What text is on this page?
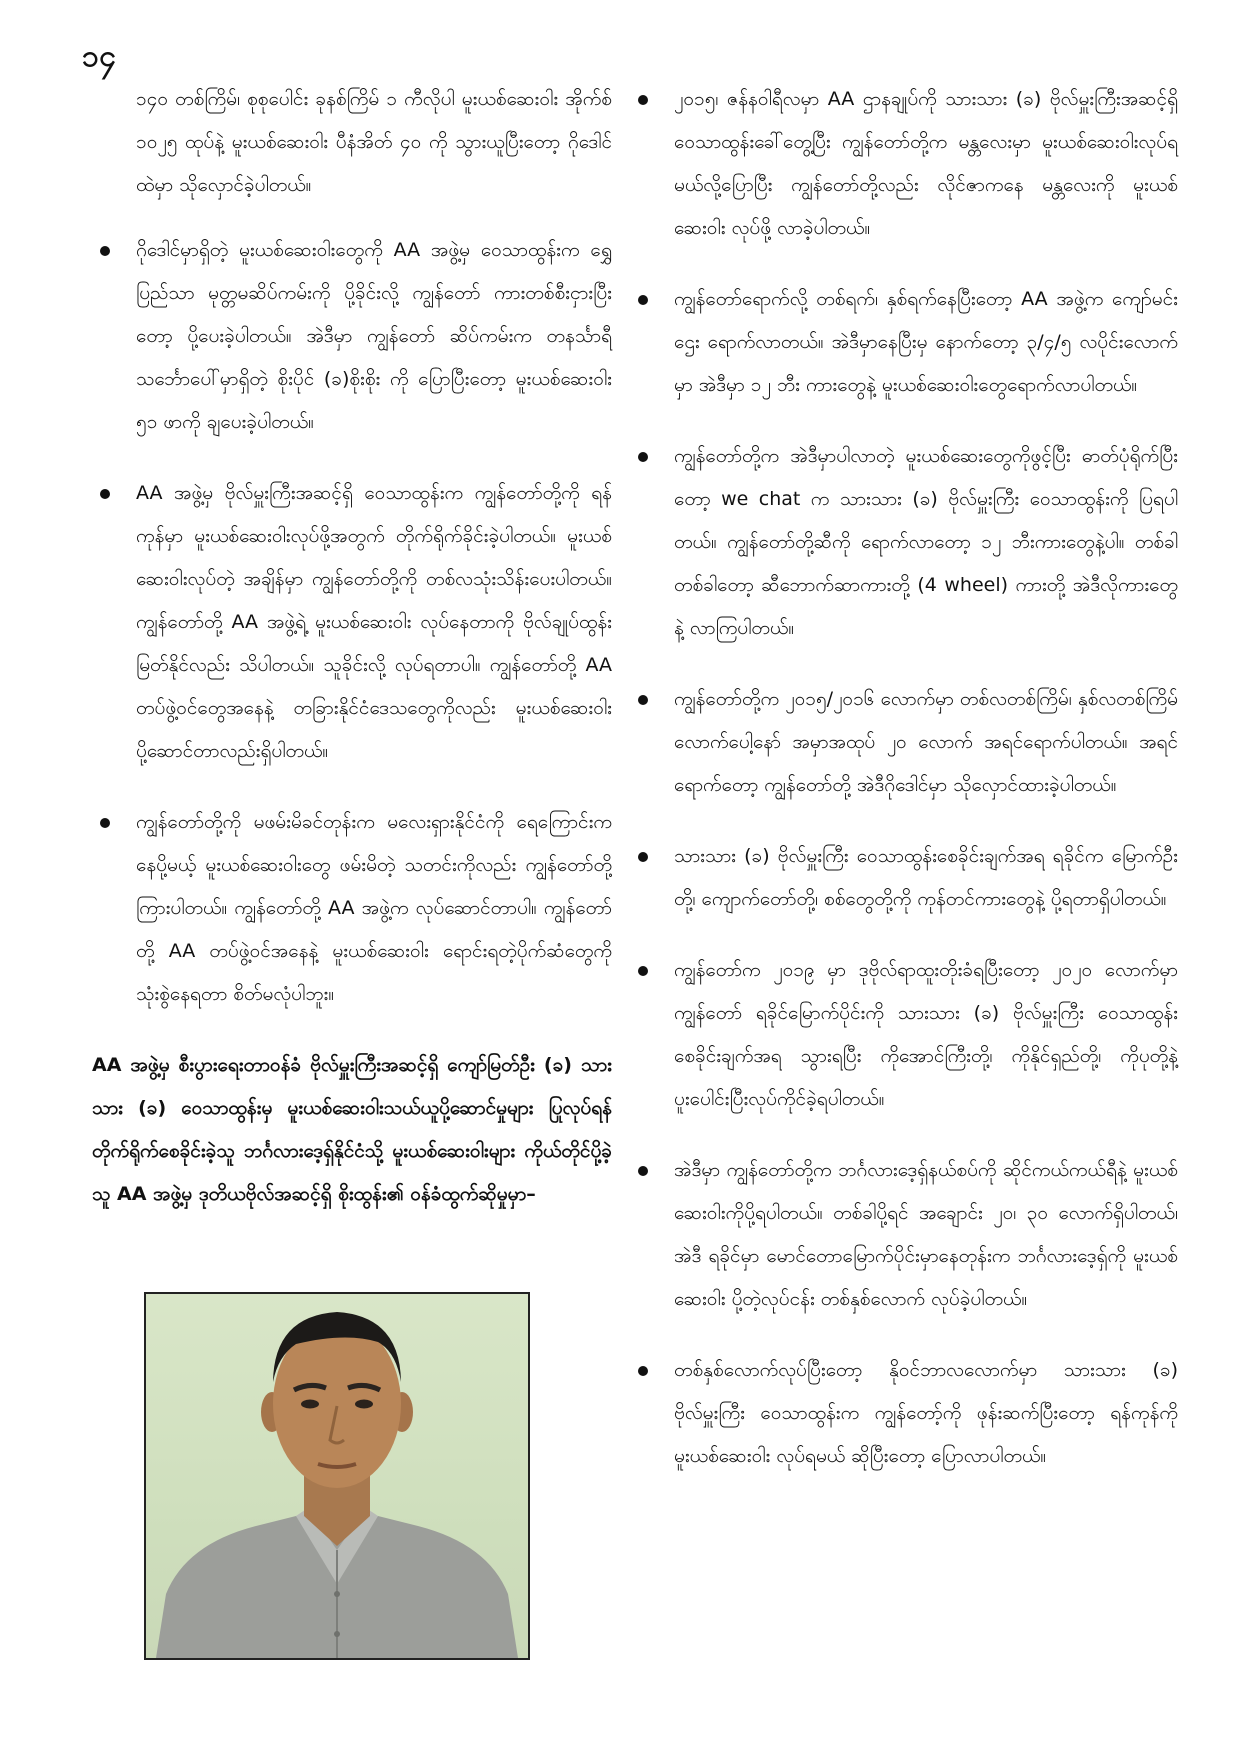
၁၄

၁၄၀ တစ်ကြိမ်၊ စုစုပေါင်း ခုနစ်ကြိမ် ၁ ကီလိုပါ မူးယစ်ဆေးဝါး အိုက်စ် ၁၀၂၅ ထုပ်နဲ့ မူးယစ်ဆေးဝါး ပီနံအိတ် ၄၀ ကို သွားယူပြီးတော့ ဂိုဒေါင်ထဲမှာ သိုလှောင်ခဲ့ပါတယ်။

ဂိုဒေါင်မှာရှိတဲ့ မူးယစ်ဆေးဝါးတွေကို AA အဖွဲ့မှ ဝေသာထွန်းက ရွှေပြည်သာ မုတ္တမဆိပ်ကမ်းကို ပို့ခိုင်းလို့ ကျွန်တော် ကားတစ်စီးငှားပြီးတော့ ပို့ပေးခဲ့ပါတယ်။ အဲဒီမှာ ကျွန်တော် ဆိပ်ကမ်းက တနင်္သာရီသင်္ဘောပေါ်မှာရှိတဲ့ စိုးပိုင် (ခ)စိုးစိုး ကို ပြောပြီးတော့ မူးယစ်ဆေးဝါး ၅၁ ဖာကို ချပေးခဲ့ပါတယ်။

AA အဖွဲ့မှ ဗိုလ်မှူးကြီးအဆင့်ရှိ ဝေသာထွန်းက ကျွန်တော်တို့ကို ရန်ကုန်မှာ မူးယစ်ဆေးဝါးလုပ်ဖို့အတွက် တိုက်ရိုက်ခိုင်းခဲ့ပါတယ်။ မူးယစ်ဆေးဝါးလုပ်တဲ့ အချိန်မှာ ကျွန်တော်တို့ကို တစ်လသုံးသိန်းပေးပါတယ်။ ကျွန်တော်တို့ AA အဖွဲ့ရဲ့ မူးယစ်ဆေးဝါး လုပ်နေတာကို ဗိုလ်ချုပ်ထွန်းမြတ်နိုင်လည်း သိပါတယ်။ သူခိုင်းလို့ လုပ်ရတာပါ။ ကျွန်တော်တို့ AA တပ်ဖွဲ့ဝင်တွေအနေနဲ့ တခြားနိုင်ငံဒေသတွေကိုလည်း မူးယစ်ဆေးဝါးပို့ဆောင်တာလည်းရှိပါတယ်။

ကျွန်တော်တို့ကို မဖမ်းမိခင်တုန်းက မလေးရှားနိုင်ငံကို ရေကြောင်းကနေပို့မယ့် မူးယစ်ဆေးဝါးတွေ ဖမ်းမိတဲ့ သတင်းကိုလည်း ကျွန်တော်တို့ ကြားပါတယ်။ ကျွန်တော်တို့ AA အဖွဲ့က လုပ်ဆောင်တာပါ။ ကျွန်တော်တို့ AA တပ်ဖွဲ့ဝင်အနေနဲ့ မူးယစ်ဆေးဝါး ရောင်းရတဲ့ပိုက်ဆံတွေကို သုံးစွဲနေရတာ စိတ်မလုံပါဘူး။

AA အဖွဲ့မှ စီးပွားရေးတာဝန်ခံ ဗိုလ်မှူးကြီးအဆင့်ရှိ ကျော်မြတ်ဦး (ခ) သားသား (ခ) ဝေသာထွန်းမှ မူးယစ်ဆေးဝါးသယ်ယူပို့ဆောင်မှုများ ပြုလုပ်ရန် တိုက်ရိုက်စေခိုင်းခဲ့သူ ဘင်္ဂလားဒေ့ရှ်နိုင်ငံသို့ မူးယစ်ဆေးဝါးများ ကိုယ်တိုင်ပို့ခဲ့သူ AA အဖွဲ့မှ ဒုတိယဗိုလ်အဆင့်ရှိ စိုးထွန်း၏ ဝန်ခံထွက်ဆိုမှုမှာ–

၂၀၁၅၊ ဇန်နဝါရီလမှာ AA ဌာနချုပ်ကို သားသား (ခ) ဗိုလ်မှူးကြီးအဆင့်ရှိ ဝေသာထွန်းခေါ်တွေ့ပြီး ကျွန်တော်တို့က မန္တလေးမှာ မူးယစ်ဆေးဝါးလုပ်ရမယ်လို့ပြောပြီး ကျွန်တော်တို့လည်း လိုင်ဇာကနေ မန္တလေးကို မူးယစ်ဆေးဝါး လုပ်ဖို့ လာခဲ့ပါတယ်။

ကျွန်တော်ရောက်လို့ တစ်ရက်၊ နှစ်ရက်နေပြီးတော့ AA အဖွဲ့က ကျော်မင်းဌေး ရောက်လာတယ်။ အဲဒီမှာနေပြီးမှ နောက်တော့ ၃/၄/၅ လပိုင်းလောက်မှာ အဲဒီမှာ ၁၂ ဘီး ကားတွေနဲ့ မူးယစ်ဆေးဝါးတွေရောက်လာပါတယ်။

ကျွန်တော်တို့က အဲဒီမှာပါလာတဲ့ မူးယစ်ဆေးတွေကိုဖွင့်ပြီး ဓာတ်ပုံရိုက်ပြီးတော့ we chat က သားသား (ခ) ဗိုလ်မှူးကြီး ဝေသာထွန်းကို ပြရပါတယ်။ ကျွန်တော်တို့ဆီကို ရောက်လာတော့ ၁၂ ဘီးကားတွေနဲ့ပါ။ တစ်ခါတစ်ခါတော့ ဆီဘောက်ဆာကားတို့ (4 wheel) ကားတို့ အဲဒီလိုကားတွေနဲ့ လာကြပါတယ်။

ကျွန်တော်တို့က ၂၀၁၅/၂၀၁၆ လောက်မှာ တစ်လတစ်ကြိမ်၊ နှစ်လတစ်ကြိမ် လောက်ပေါ့နော် အမှာအထုပ် ၂၀ လောက် အရင်ရောက်ပါတယ်။ အရင်ရောက်တော့ ကျွန်တော်တို့ အဲဒီဂိုဒေါင်မှာ သိုလှောင်ထားခဲ့ပါတယ်။

သားသား (ခ) ဗိုလ်မှူးကြီး ဝေသာထွန်းစေခိုင်းချက်အရ ရခိုင်က မြောက်ဦးတို့၊ ကျောက်တော်တို့၊ စစ်တွေတို့ကို ကုန်တင်ကားတွေနဲ့ ပို့ရတာရှိပါတယ်။

ကျွန်တော်က ၂၀၁၉ မှာ ဒုဗိုလ်ရာထူးတိုးခံရပြီးတော့ ၂၀၂၀ လောက်မှာ ကျွန်တော် ရခိုင်မြောက်ပိုင်းကို သားသား (ခ) ဗိုလ်မှူးကြီး ဝေသာထွန်းစေခိုင်းချက်အရ သွားရပြီး ကိုအောင်ကြီးတို့၊ ကိုနိုင်ရှည်တို့၊ ကိုပုတို့နဲ့ ပူးပေါင်းပြီးလုပ်ကိုင်ခဲ့ရပါတယ်။

အဲဒီမှာ ကျွန်တော်တို့က ဘင်္ဂလားဒေ့ရှ်နယ်စပ်ကို ဆိုင်ကယ်ကယ်ရီနဲ့ မူးယစ်ဆေးဝါးကိုပို့ရပါတယ်။ တစ်ခါပို့ရင် အချောင်း ၂၀၊ ၃၀ လောက်ရှိပါတယ်၊ အဲဒီ ရခိုင်မှာ မောင်တောမြောက်ပိုင်းမှာနေတုန်းက ဘင်္ဂလားဒေ့ရှ်ကို မူးယစ်ဆေးဝါး ပို့တဲ့လုပ်ငန်း တစ်နှစ်လောက် လုပ်ခဲ့ပါတယ်။

တစ်နှစ်လောက်လုပ်ပြီးတော့ နိုဝင်ဘာလလောက်မှာ သားသား (ခ) ဗိုလ်မှူးကြီး ဝေသာထွန်းက ကျွန်တော့်ကို ဖုန်းဆက်ပြီးတော့ ရန်ကုန်ကို မူးယစ်ဆေးဝါး လုပ်ရမယ် ဆိုပြီးတော့ ပြောလာပါတယ်။
